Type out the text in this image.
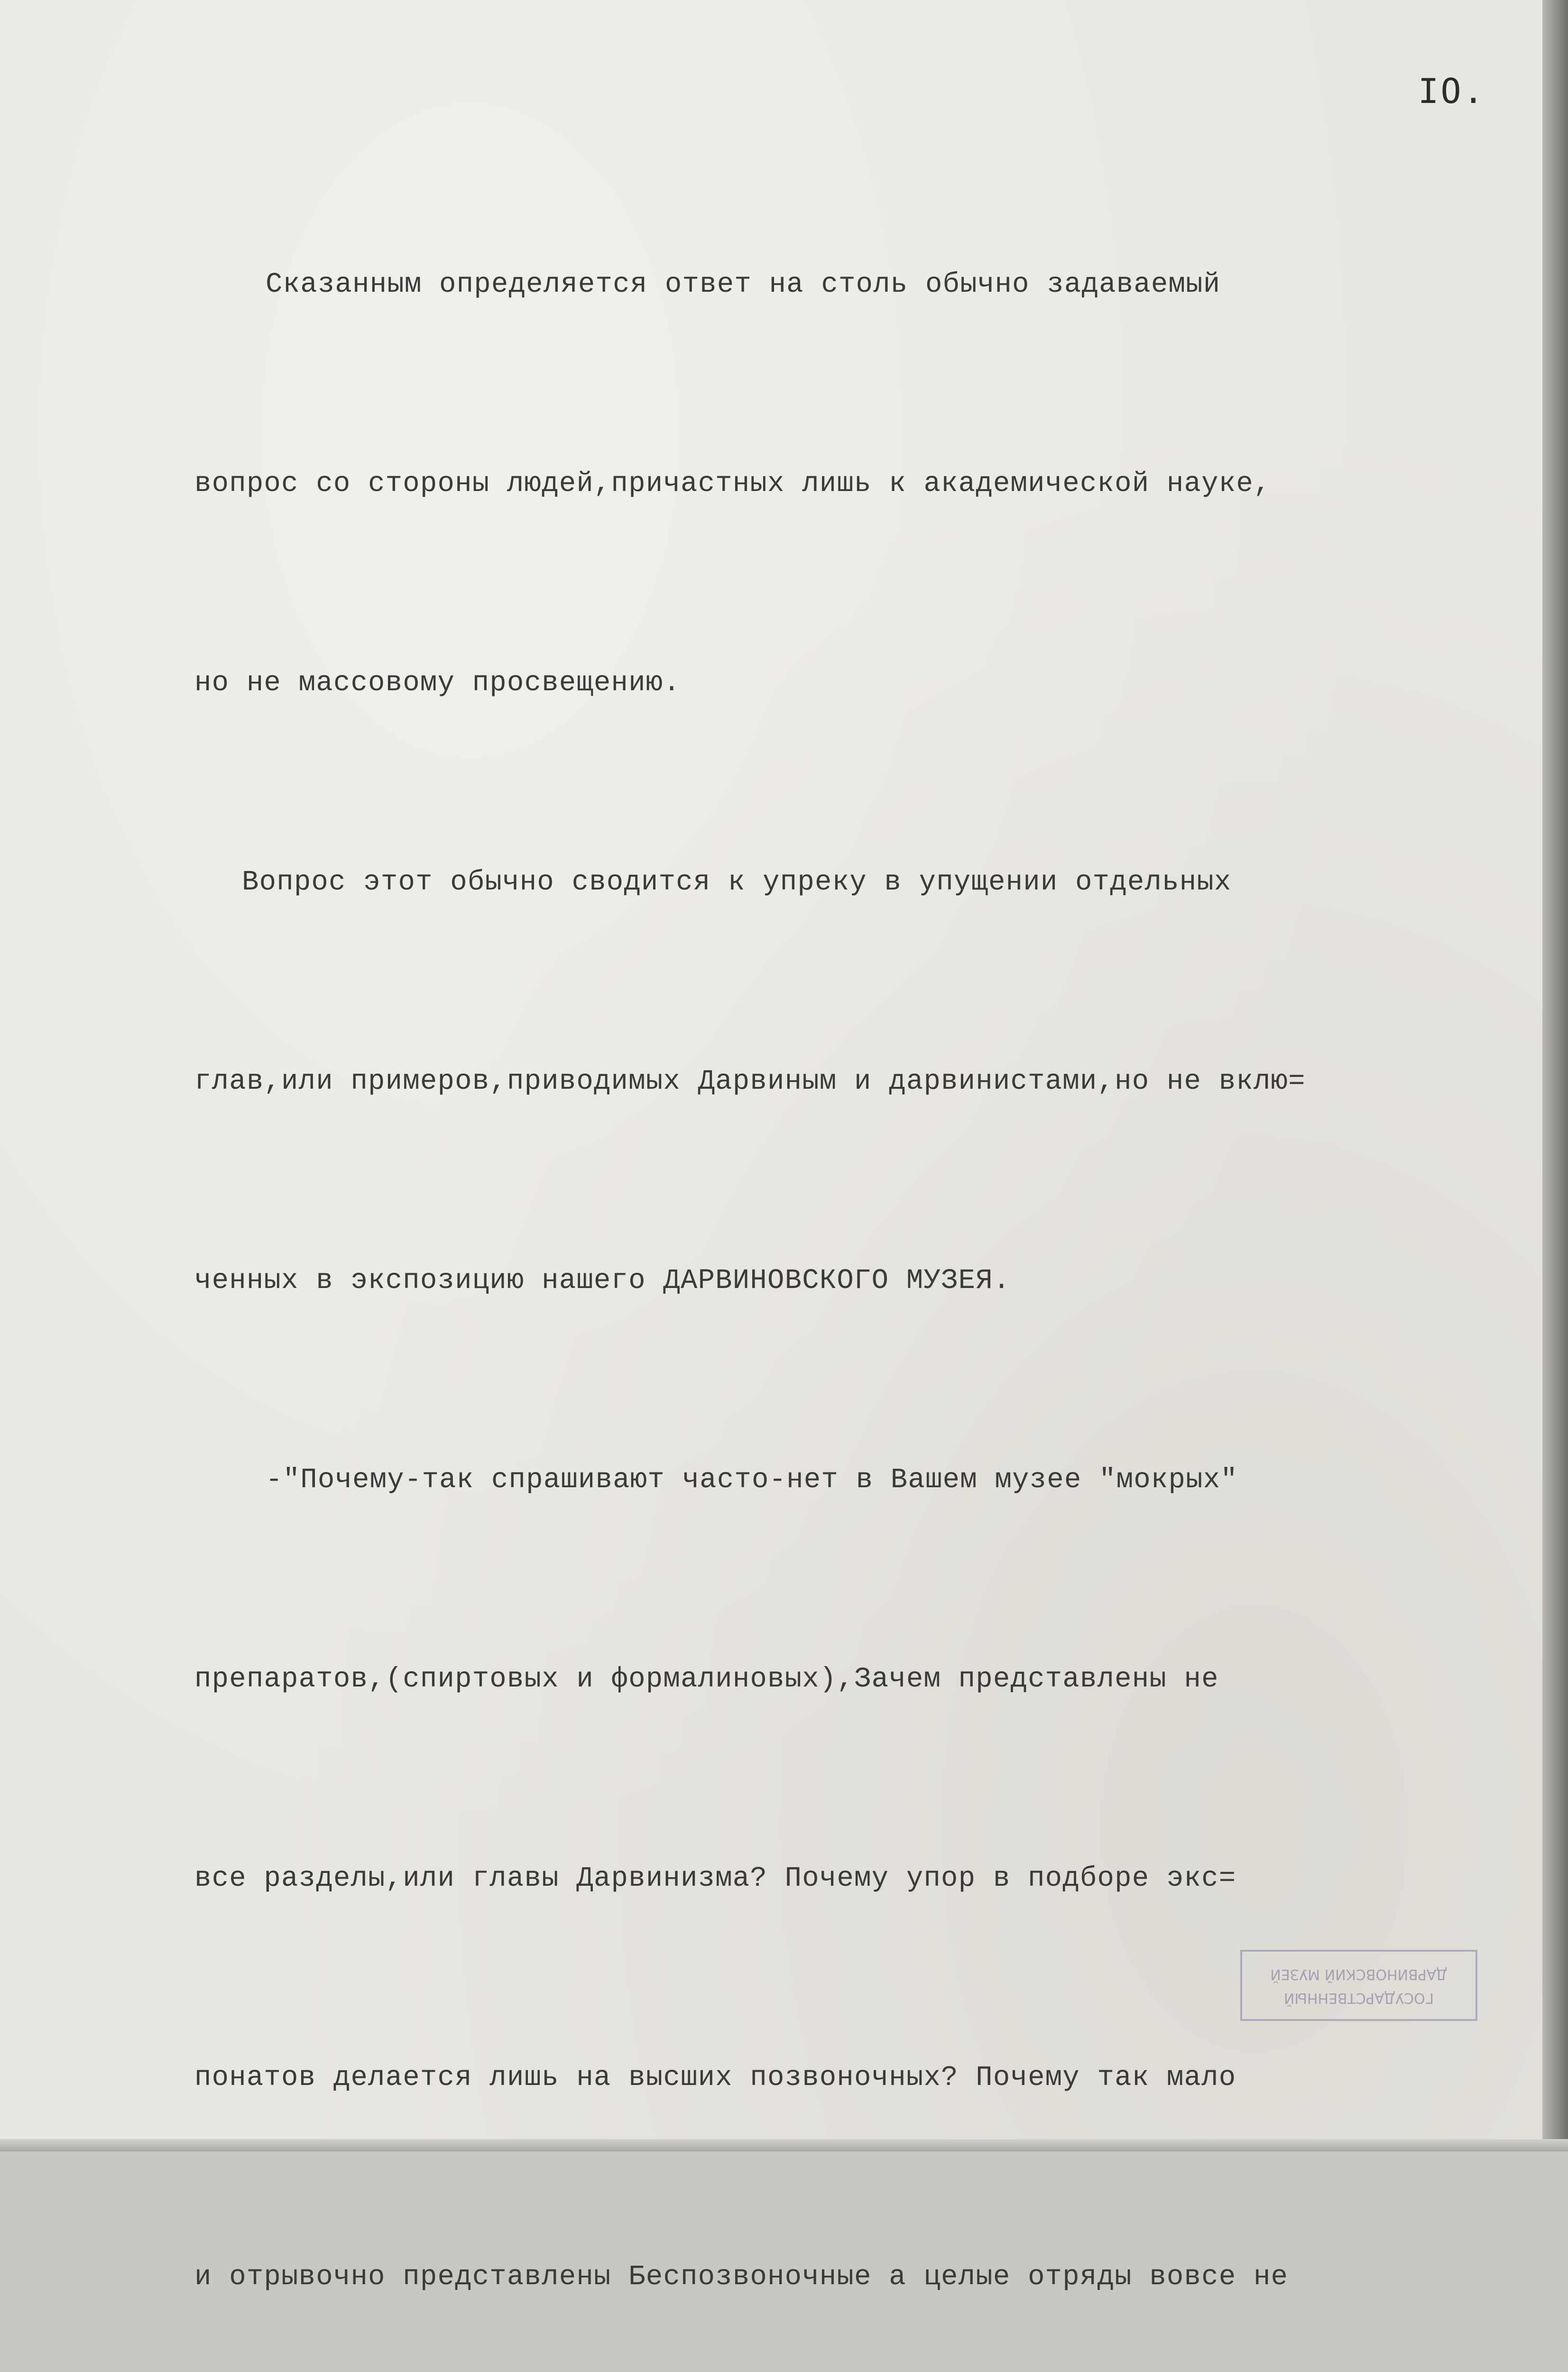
IO.

Сказанным определяется ответ на столь обычно задаваемый

вопрос со стороны людей,причастных лишь к академической науке,

но не массовому просвещению.

Вопрос этот обычно сводится к упреку в упущении отдельных

глав,или примеров,приводимых Дарвиным и дарвинистами,но не вклю=

ченных в экспозицию нашего ДАРВИНОВСКОГО МУЗЕЯ.

-"Почему-так спрашивают часто-нет в Вашем музее "мокрых"

препаратов,(спиртовых и формалиновых),Зачем представлены не

все разделы,или главы Дарвинизма? Почему упор в подборе экс=

понатов делается лишь на высших позвоночных? Почему так мало

и отрывочно представлены Беспозвоночные а целые отряды вовсе не

ГОСУДАРСТВЕННЫЙ ДАРВИНОВСКИЙ МУЗЕЙ
